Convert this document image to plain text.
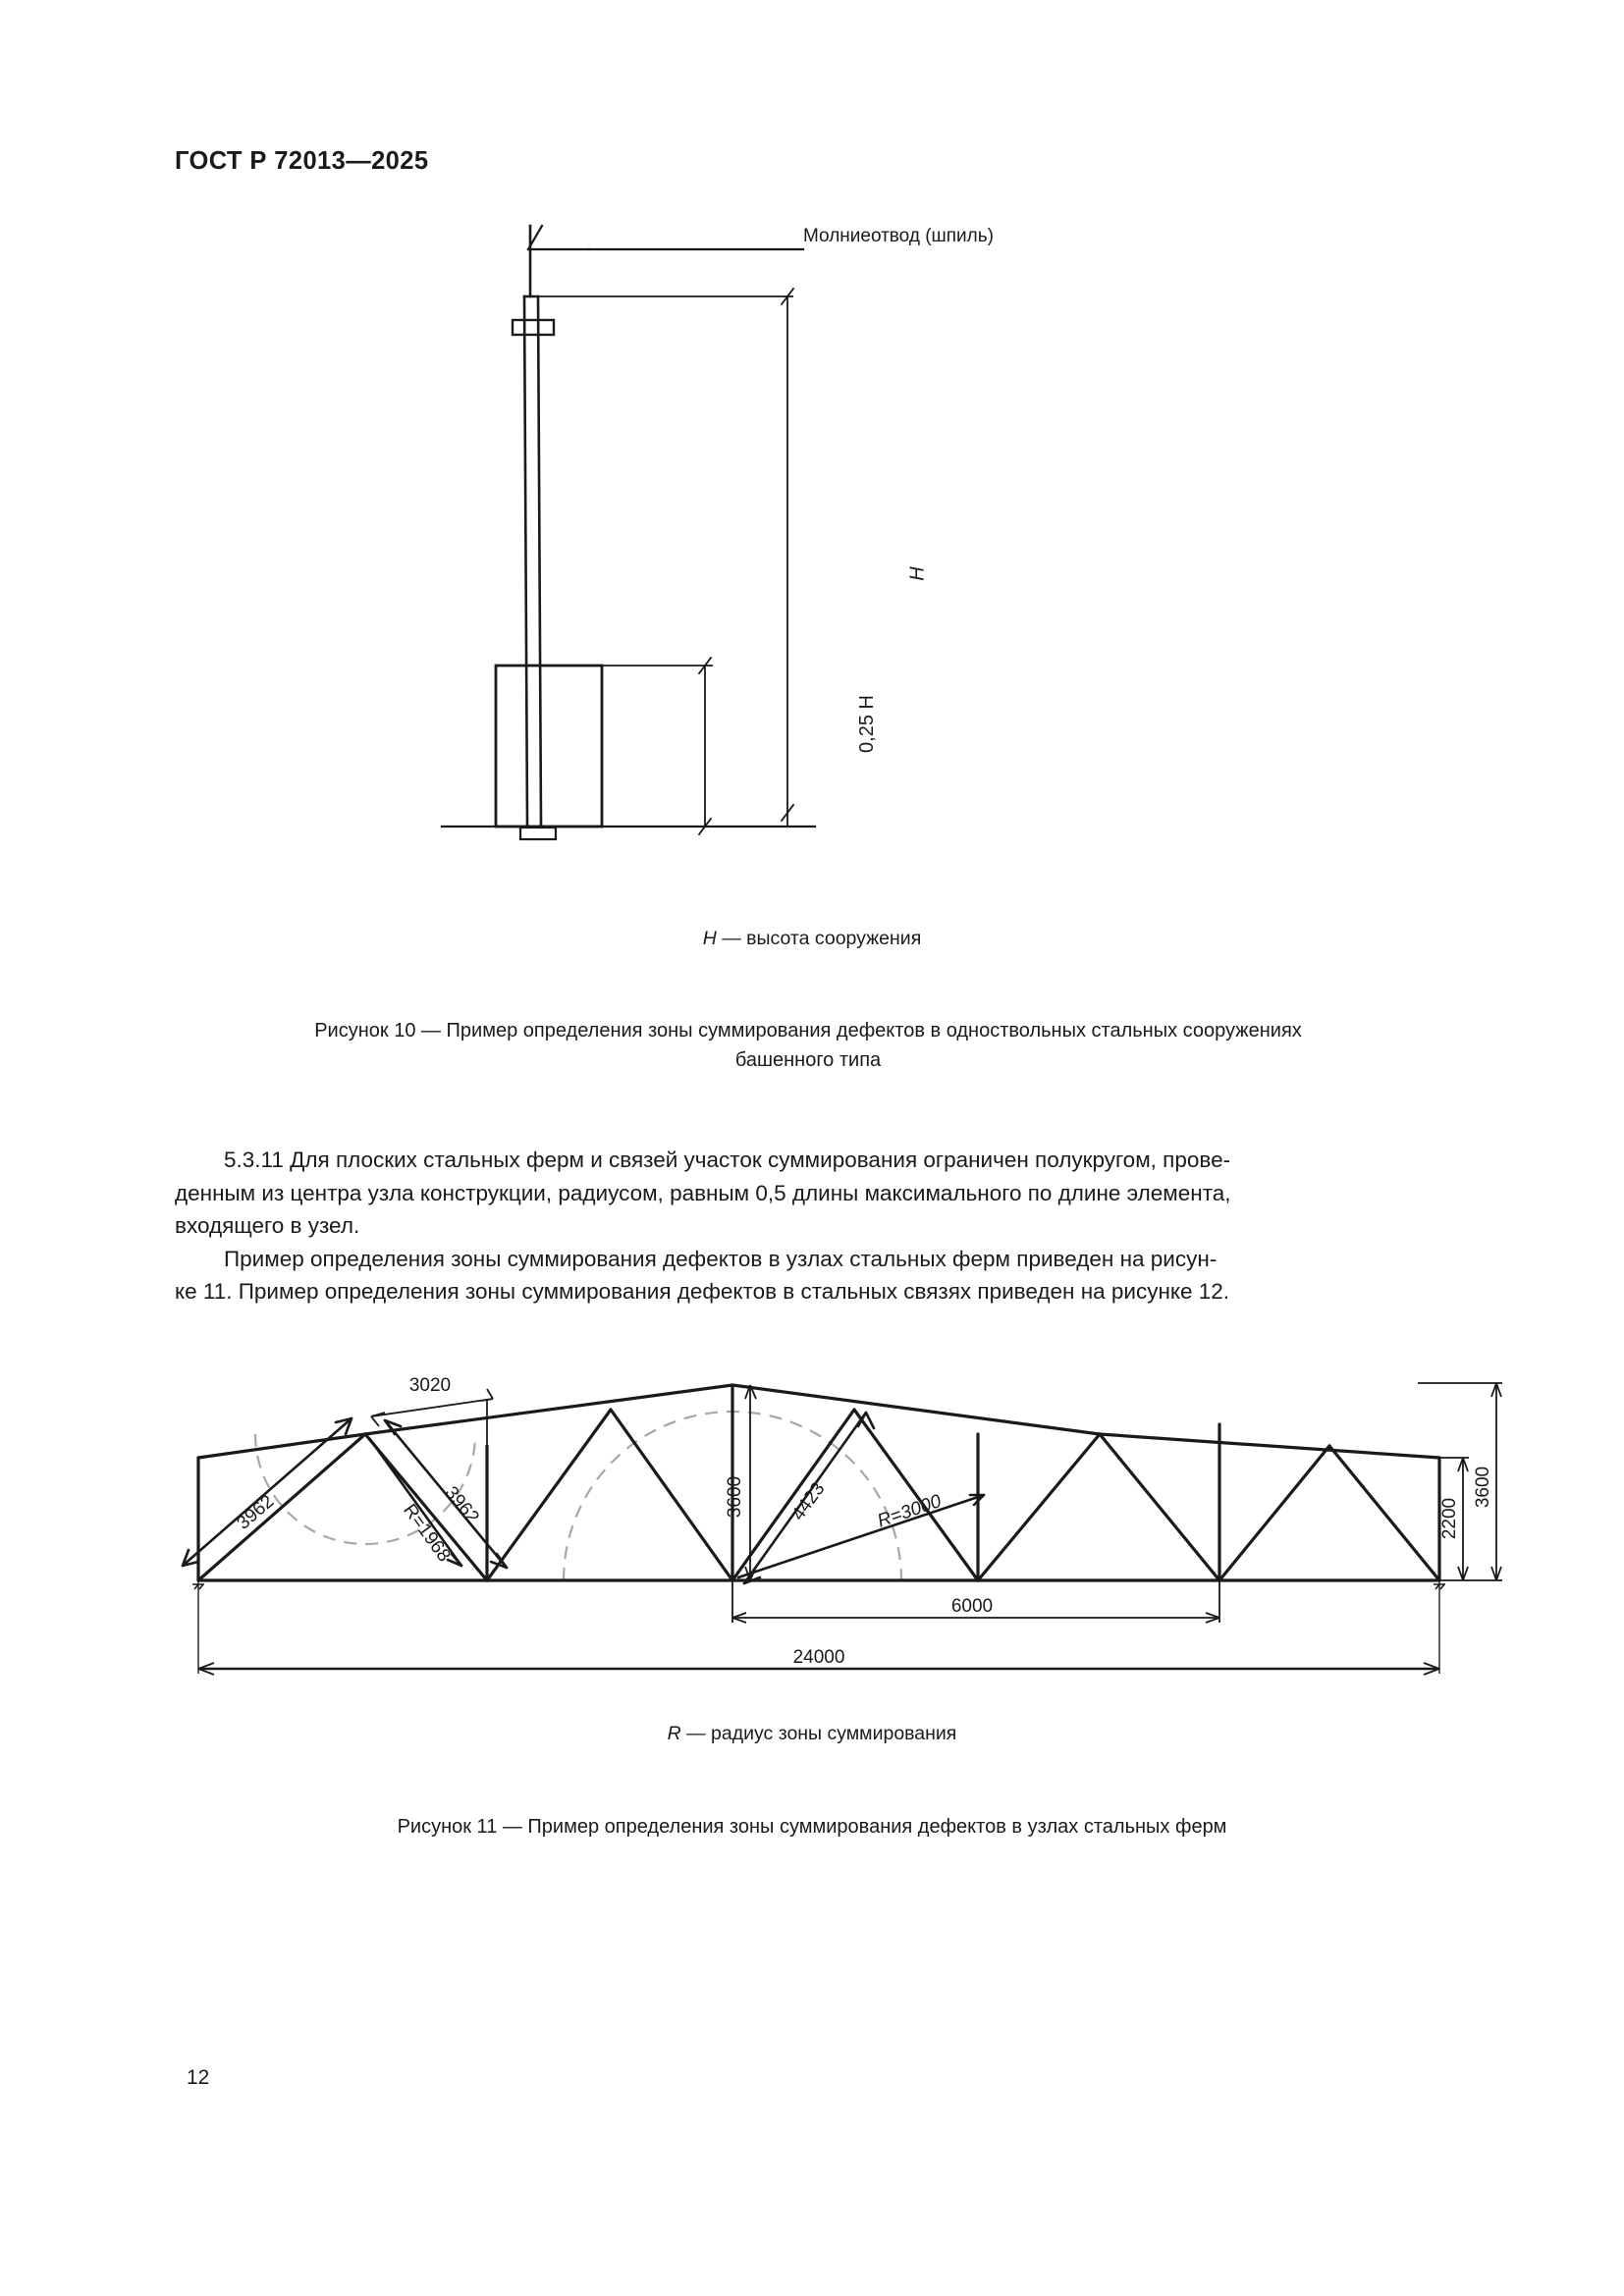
ГОСТ Р 72013—2025
Молниеотвод (шпиль)
H
0,25 H
H — высота сооружения
Рисунок 10 — Пример определения зоны суммирования дефектов в одноствольных стальных сооружениях
башенного типа

5.3.11 Для плоских стальных ферм и связей участок суммирования ограничен полукругом, прове-

денным из центра узла конструкции, радиусом, равным 0,5 длины максимального по длине элемента,

входящего в узел.

Пример определения зоны суммирования дефектов в узлах стальных ферм приведен на рисун-

ке 11. Пример определения зоны суммирования дефектов в стальных связях приведен на рисунке 12.

3020
3962	3962
R=1968
3600 4423 R=3000
6000
24000
2200
3600
R — радиус зоны суммирования
Рисунок 11 — Пример определения зоны суммирования дефектов в узлах стальных ферм
12
